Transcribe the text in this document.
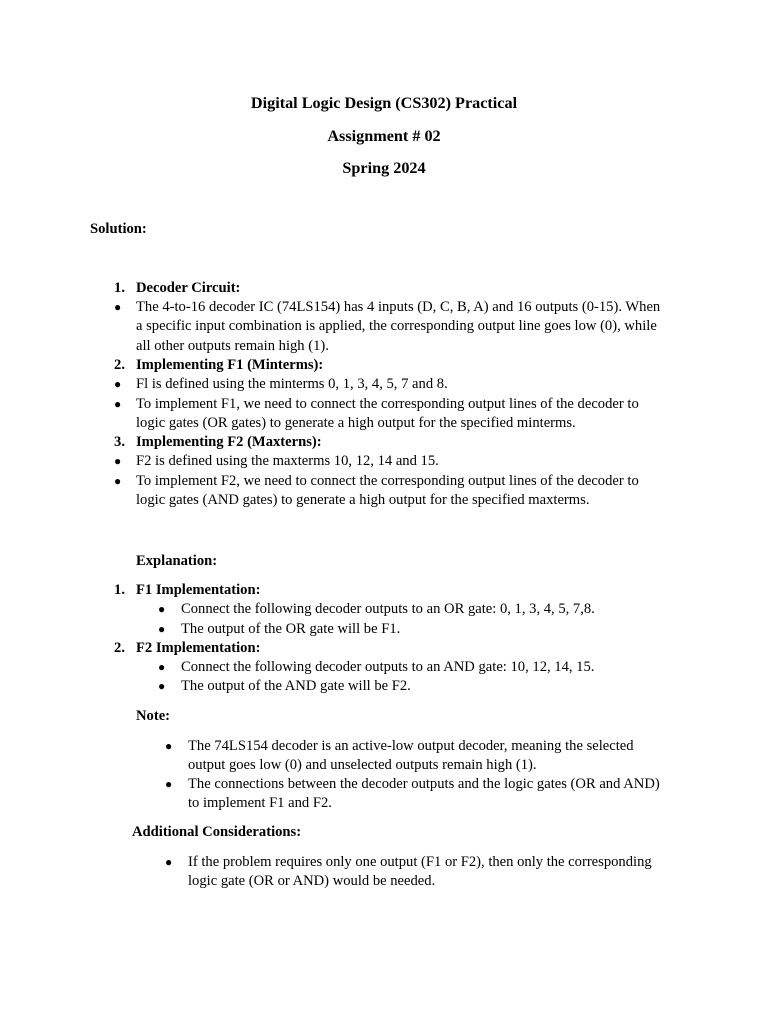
Digital Logic Design (CS302) Practical
Assignment # 02
Spring 2024
Solution:
1. Decoder Circuit:
● The 4-to-16 decoder IC (74LS154) has 4 inputs (D, C, B, A) and 16 outputs (0-15). When
a specific input combination is applied, the corresponding output line goes low (0), while
all other outputs remain high (1).
2. Implementing F1 (Minterms):
● Fl is defined using the minterms 0, 1, 3, 4, 5, 7 and 8.
● To implement F1, we need to connect the corresponding output lines of the decoder to
logic gates (OR gates) to generate a high output for the specified minterms.
3. Implementing F2 (Maxterns):
● F2 is defined using the maxterms 10, 12, 14 and 15.
● To implement F2, we need to connect the corresponding output lines of the decoder to
logic gates (AND gates) to generate a high output for the specified maxterms.
Explanation:
1. F1 Implementation:
● Connect the following decoder outputs to an OR gate: 0, 1, 3, 4, 5, 7,8.
● The output of the OR gate will be F1.
2. F2 Implementation:
● Connect the following decoder outputs to an AND gate: 10, 12, 14, 15.
● The output of the AND gate will be F2.
Note:
● The 74LS154 decoder is an active-low output decoder, meaning the selected
output goes low (0) and unselected outputs remain high (1).
● The connections between the decoder outputs and the logic gates (OR and AND)
to implement F1 and F2.
Additional Considerations:
● If the problem requires only one output (F1 or F2), then only the corresponding
logic gate (OR or AND) would be needed.
